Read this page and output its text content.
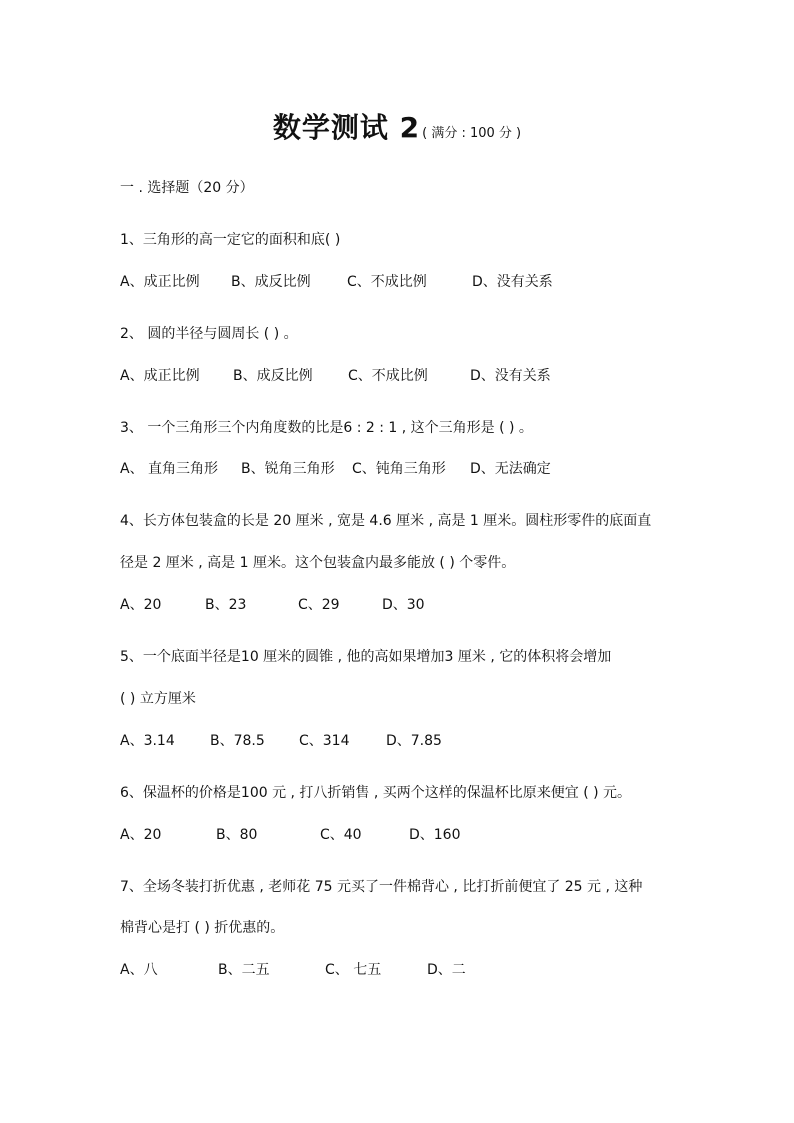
数学测试 2 ( 满分 : 100 分 )
一 . 选择题（20 分）
1、三角形的高一定它的面积和底( )
A、成正比例 B、成反比例	C、不成比例	D、没有关系
2、 圆的半径与圆周长 ( ) 。
A、成正比例 B、成反比例	C、不成比例	D、没有关系
3、 一个三角形三个内角度数的比是6 : 2 : 1 , 这个三角形是 ( ) 。
A、 直角三角形 B、锐角三角形 C、钝角三角形 D、无法确定
4、长方体包装盒的长是 20 厘米 , 宽是 4.6 厘米 , 高是 1 厘米。圆柱形零件的底面直
径是 2 厘米 , 高是 1 厘米。这个包装盒内最多能放 ( ) 个零件。
A、20	B、23	C、29	D、30
5、一个底面半径是10 厘米的圆锥 , 他的高如果增加3 厘米 , 它的体积将会增加
( ) 立方厘米
A、3.14	B、78.5 C、314	D、7.85
6、保温杯的价格是100 元 , 打八折销售 , 买两个这样的保温杯比原来便宜 ( ) 元。
A、20	B、80	C、40	D、160
7、全场冬装打折优惠 , 老师花 75 元买了一件棉背心 , 比打折前便宜了 25 元 , 这种
棉背心是打 ( ) 折优惠的。
A、八	B、二五	C、 七五	D、二
